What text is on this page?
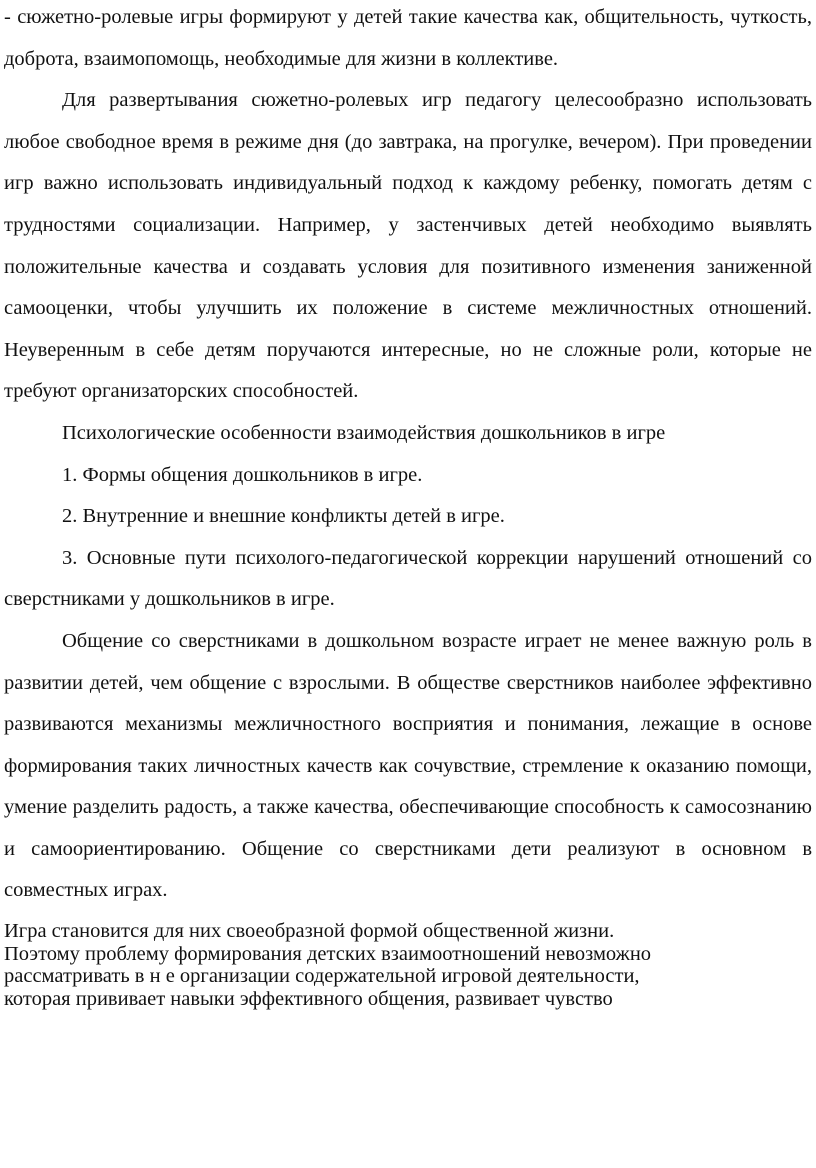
- сюжетно-ролевые игры формируют у детей такие качества как, общительность, чуткость, доброта, взаимопомощь, необходимые для жизни в коллективе.

Для развертывания сюжетно-ролевых игр педагогу целесообразно использовать любое свободное время в режиме дня (до завтрака, на прогулке, вечером). При проведении игр важно использовать индивидуальный подход к каждому ребенку, помогать детям с трудностями социализации. Например, у застенчивых детей необходимо выявлять положительные качества и создавать условия для позитивного изменения заниженной самооценки, чтобы улучшить их положение в системе межличностных отношений. Неуверенным в себе детям поручаются интересные, но не сложные роли, которые не требуют организаторских способностей.

Психологические особенности взаимодействия дошкольников в игре

1. Формы общения дошкольников в игре.

2. Внутренние и внешние конфликты детей в игре.

3. Основные пути психолого-педагогической коррекции нарушений отношений со сверстниками у дошкольников в игре.

Общение со сверстниками в дошкольном возрасте играет не менее важную роль в развитии детей, чем общение с взрослыми. В обществе сверстников наиболее эффективно развиваются механизмы межличностного восприятия и понимания, лежащие в основе формирования таких личностных качеств как сочувствие, стремление к оказанию помощи, умение разделить радость, а также качества, обеспечивающие способность к самосознанию и самоориентированию. Общение со сверстниками дети реализуют в основном в совместных играх.

Игра становится для них своеобразной формой общественной жизни.
Поэтому проблему формирования детских взаимоотношений невозможно
рассматривать в н е организации содержательной игровой деятельности,
которая прививает навыки эффективного общения, развивает чувство
